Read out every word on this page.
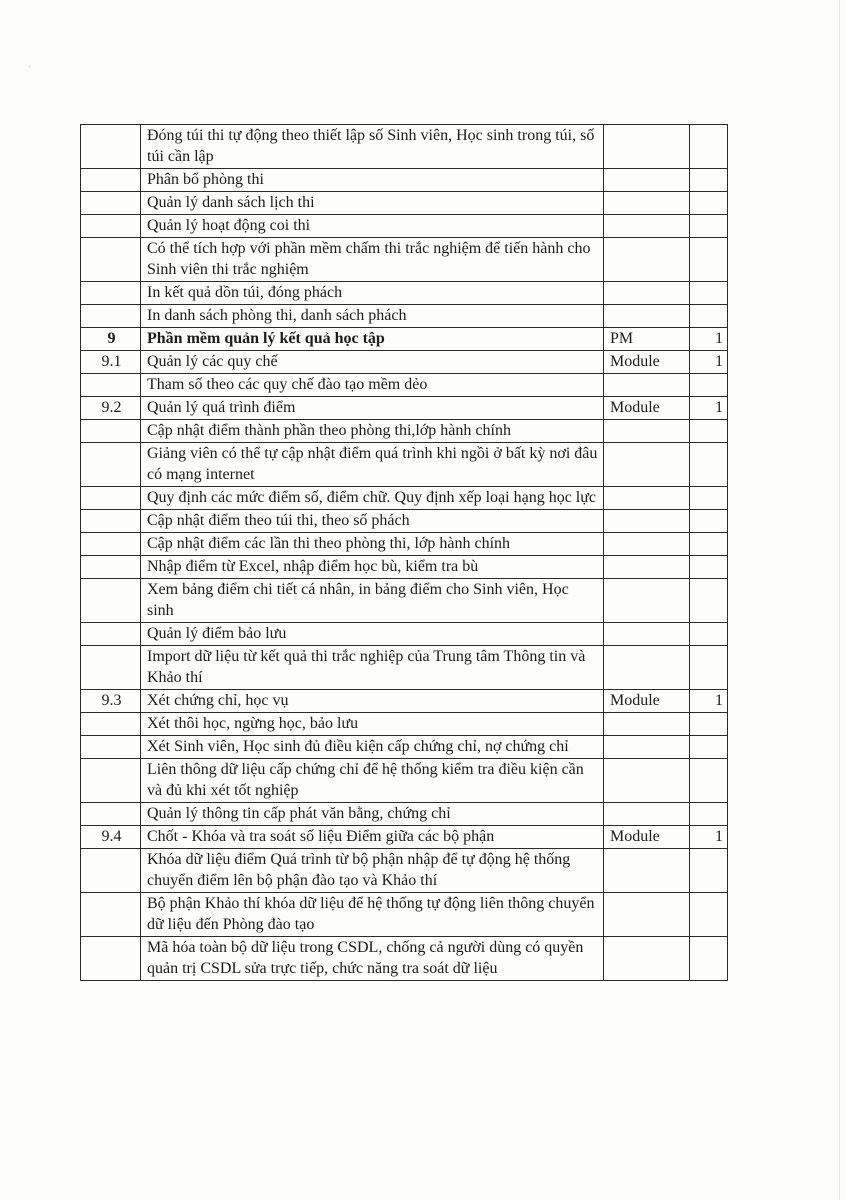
·
	Đóng túi thi tự động theo thiết lập số Sinh viên, Học sinh trong túi, số túi cần lập		
	Phân bổ phòng thi		
	Quản lý danh sách lịch thi		
	Quản lý hoạt động coi thi		
	Có thể tích hợp với phần mềm chấm thi trắc nghiệm để tiến hành cho Sinh viên thi trắc nghiệm		
	In kết quả dồn túi, đóng phách		
	In danh sách phòng thi, danh sách phách		
9	Phần mềm quản lý kết quả học tập	PM	1
9.1	Quản lý các quy chế	Module	1
	Tham số theo các quy chế đào tạo mềm dẻo		
9.2	Quản lý quá trình điểm	Module	1
	Cập nhật điểm thành phần theo phòng thi,lớp hành chính		
	Giảng viên có thể tự cập nhật điểm quá trình khi ngồi ở bất kỳ nơi đâu có mạng internet		
	Quy định các mức điểm số, điểm chữ. Quy định xếp loại hạng học lực		
	Cập nhật điểm theo túi thi, theo số phách		
	Cập nhật điểm các lần thi theo phòng thi, lớp hành chính		
	Nhập điểm từ Excel, nhập điểm học bù, kiểm tra bù		
	Xem bảng điểm chi tiết cá nhân, in bảng điểm cho Sinh viên, Học sinh		
	Quản lý điểm bảo lưu		
	Import dữ liệu từ kết quả thi trắc nghiệp của Trung tâm Thông tin và Khảo thí		
9.3	Xét chứng chỉ, học vụ	Module	1
	Xét thôi học, ngừng học, bảo lưu		
	Xét Sinh viên, Học sinh đủ điều kiện cấp chứng chỉ, nợ chứng chỉ		
	Liên thông dữ liệu cấp chứng chỉ để hệ thống kiểm tra điều kiện cần và đủ khi xét tốt nghiệp		
	Quản lý thông tin cấp phát văn bằng, chứng chỉ		
9.4	Chốt - Khóa và tra soát số liệu Điểm giữa các bộ phận	Module	1
	Khóa dữ liệu điểm Quá trình từ bộ phận nhập để tự động hệ thống chuyển điểm lên bộ phận đào tạo và Khảo thí		
	Bộ phận Khảo thí khóa dữ liệu để hệ thống tự động liên thông chuyển dữ liệu đến Phòng đào tạo		
	Mã hóa toàn bộ dữ liệu trong CSDL, chống cả người dùng có quyền quản trị CSDL sửa trực tiếp, chức năng tra soát dữ liệu		
